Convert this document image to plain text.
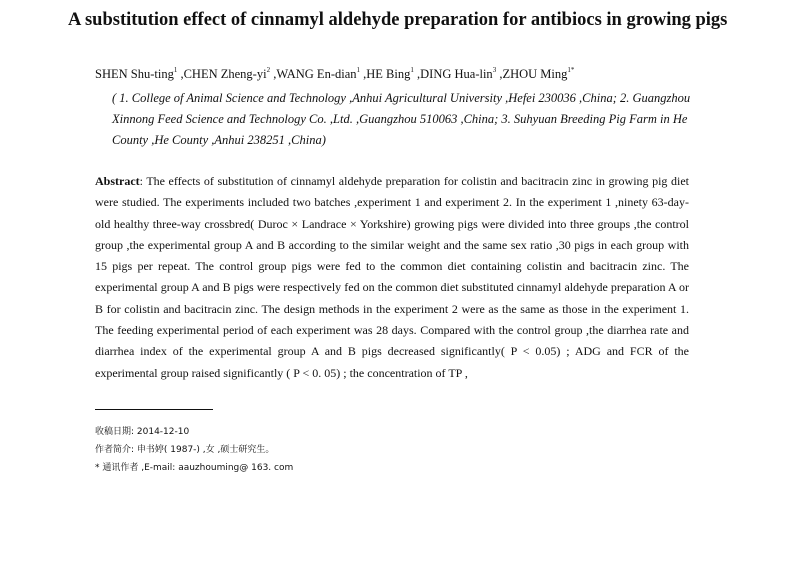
A substitution effect of cinnamyl aldehyde preparation for antibiocs in growing pigs
SHEN Shu-ting$^1$ ,CHEN Zheng-$yi^2$ ,WANG En-dian$^1$ ,HE Bing$^1$ ,DING Hua-lin$^3$ ,ZHOU Ming$^{1*}$
( 1. College of Animal Science and Technology ,Anhui Agricultural University ,Hefei 230036 ,China; 2. Guangzhou Xinnong Feed Science and Technology Co. ,Ltd. ,Guangzhou 510063 ,China; 3. Suhyuan Breeding Pig Farm in He County ,He County ,Anhui 238251 ,China)
Abstract: The effects of substitution of cinnamyl aldehyde preparation for colistin and bacitracin zinc in growing pig diet were studied. The experiments included two batches ,experiment 1 and experiment 2. In the experiment 1 ,ninety 63-day-old healthy three-way crossbred( Duroc × Landrace × Yorkshire) growing pigs were divided into three groups ,the control group ,the experimental group A and B according to the similar weight and the same sex ratio ,30 pigs in each group with 15 pigs per repeat. The control group pigs were fed to the common diet containing colistin and bacitracin zinc. The experimental group A and B pigs were respectively fed on the common diet substituted cinnamyl aldehyde preparation A or B for colistin and bacitracin zinc. The design methods in the experiment 2 were as the same as those in the experiment 1. The feeding experimental period of each experiment was 28 days. Compared with the control group ,the diarrhea rate and diarrhea index of the experimental group A and B pigs decreased significantly( P < 0.05) ; ADG and FCR of the experimental group raised significantly ( P < 0. 05) ; the concentration of TP ,
收稿日期: 2014-12-10
作者简介: 申书婷( 1987-) ,女 ,硕士研究生。
* 通讯作者 ,E-mail: aauzhouming@ 163. com
